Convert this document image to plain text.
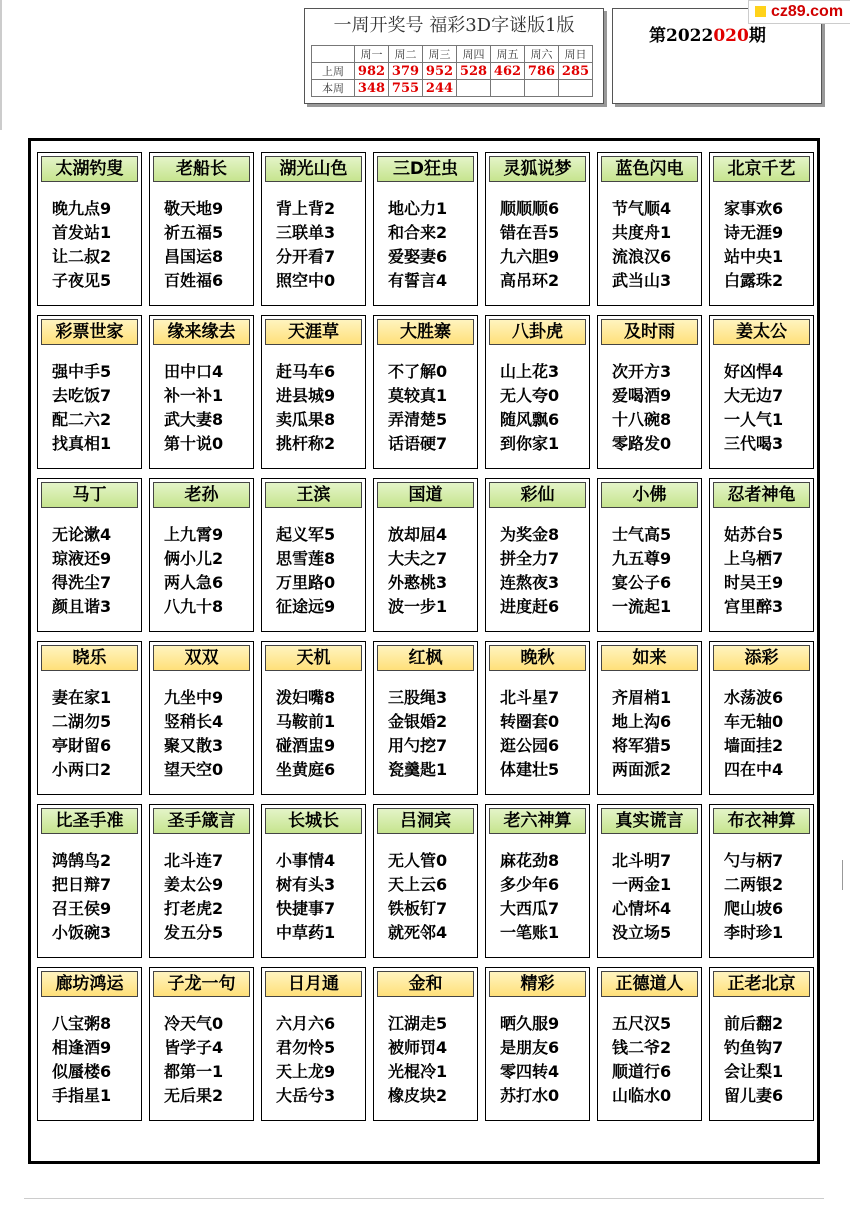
一周开奖号 福彩3D字谜版1版
	周一	周二	周三	周四	周五	周六	周日
上周	982	379	952	528	462	786	285
本周	348	755	244				
第2022020期
cz89.com
太湖钓叟
晚九点9
首发站1
让二叔2
子夜见5
老船长
敬天地9
祈五福5
昌国运8
百姓福6
湖光山色
背上背2
三联单3
分开看7
照空中0
三D狂虫
地心力1
和合来2
爱娶妻6
有誓言4
灵狐说梦
顺顺顺6
错在吾5
九六胆9
高吊环2
蓝色闪电
节气顺4
共度舟1
流浪汉6
武当山3
北京千艺
家事欢6
诗无涯9
站中央1
白露珠2
彩票世家
强中手5
去吃饭7
配二六2
找真相1
缘来缘去
田中口4
补一补1
武大妻8
第十说0
天涯草
赶马车6
进县城9
卖瓜果8
挑杆称2
大胜寨
不了解0
莫较真1
弄清楚5
话语硬7
八卦虎
山上花3
无人夸0
随风飘6
到你家1
及时雨
次开方3
爱喝酒9
十八碗8
零路发0
姜太公
好凶悍4
大无边7
一人气1
三代喝3
马丁
无论漱4
琼液还9
得洗尘7
颜且谐3
老孙
上九霄9
俩小儿2
两人急6
八九十8
王滨
起义军5
思雪莲8
万里路0
征途远9
国道
放却屈4
大夫之7
外憨桃3
波一步1
彩仙
为奖金8
拼全力7
连熬夜3
进度赶6
小佛
士气高5
九五尊9
宴公子6
一流起1
忍者神龟
姑苏台5
上乌栖7
时吴王9
宫里醉3
晓乐
妻在家1
二湖勿5
亭財留6
小两口2
双双
九坐中9
竖稍长4
聚又散3
望天空0
天机
泼妇嘴8
马鞍前1
碰酒盅9
坐黄庭6
红枫
三股绳3
金银婚2
用勺挖7
瓷羹匙1
晚秋
北斗星7
转圈套0
逛公园6
体建壮5
如来
齐眉梢1
地上沟6
将军猎5
两面派2
添彩
水荡波6
车无轴0
墙面挂2
四在中4
比圣手准
鸿鹄鸟2
把日辩7
召王侯9
小饭碗3
圣手箴言
北斗连7
姜太公9
打老虎2
发五分5
长城长
小事情4
树有头3
快捷事7
中草药1
吕洞宾
无人管0
天上云6
铁板钉7
就死邻4
老六神算
麻花劲8
多少年6
大西瓜7
一笔账1
真实谎言
北斗明7
一两金1
心情坏4
没立场5
布衣神算
勺与柄7
二两银2
爬山坡6
李时珍1
廊坊鸿运
八宝粥8
相逢酒9
似蜃楼6
手指星1
子龙一句
冷天气0
皆学子4
都第一1
无后果2
日月通
六月六6
君勿怜5
天上龙9
大岳兮3
金和
江湖走5
被师罚4
光棍冷1
橡皮块2
精彩
晒久服9
是朋友6
零四转4
苏打水0
正德道人
五尺汉5
钱二爷2
顺道行6
山临水0
正老北京
前后翻2
钓鱼钩7
会让梨1
留儿妻6
